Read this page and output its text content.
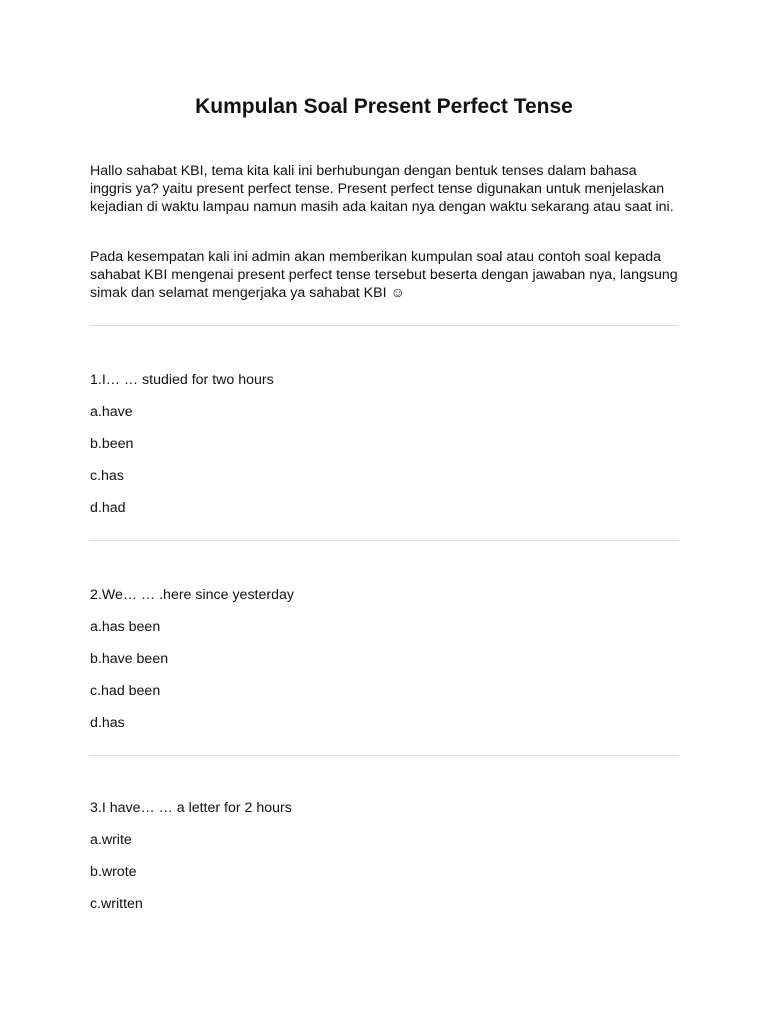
Kumpulan Soal Present Perfect Tense

Hallo sahabat KBI, tema kita kali ini berhubungan dengan bentuk tenses dalam bahasa inggris ya? yaitu present perfect tense. Present perfect tense digunakan untuk menjelaskan kejadian di waktu lampau namun masih ada kaitan nya dengan waktu sekarang atau saat ini.

Pada kesempatan kali ini admin akan memberikan kumpulan soal atau contoh soal kepada sahabat KBI mengenai present perfect tense tersebut beserta dengan jawaban nya, langsung simak dan selamat mengerjaka ya sahabat KBI ☺

1.I… … studied for two hours
a.have
b.been
c.has
d.had
2.We… … .here since yesterday
a.has been
b.have been
c.had been
d.has
3.I have… … a letter for 2 hours
a.write
b.wrote
c.written
